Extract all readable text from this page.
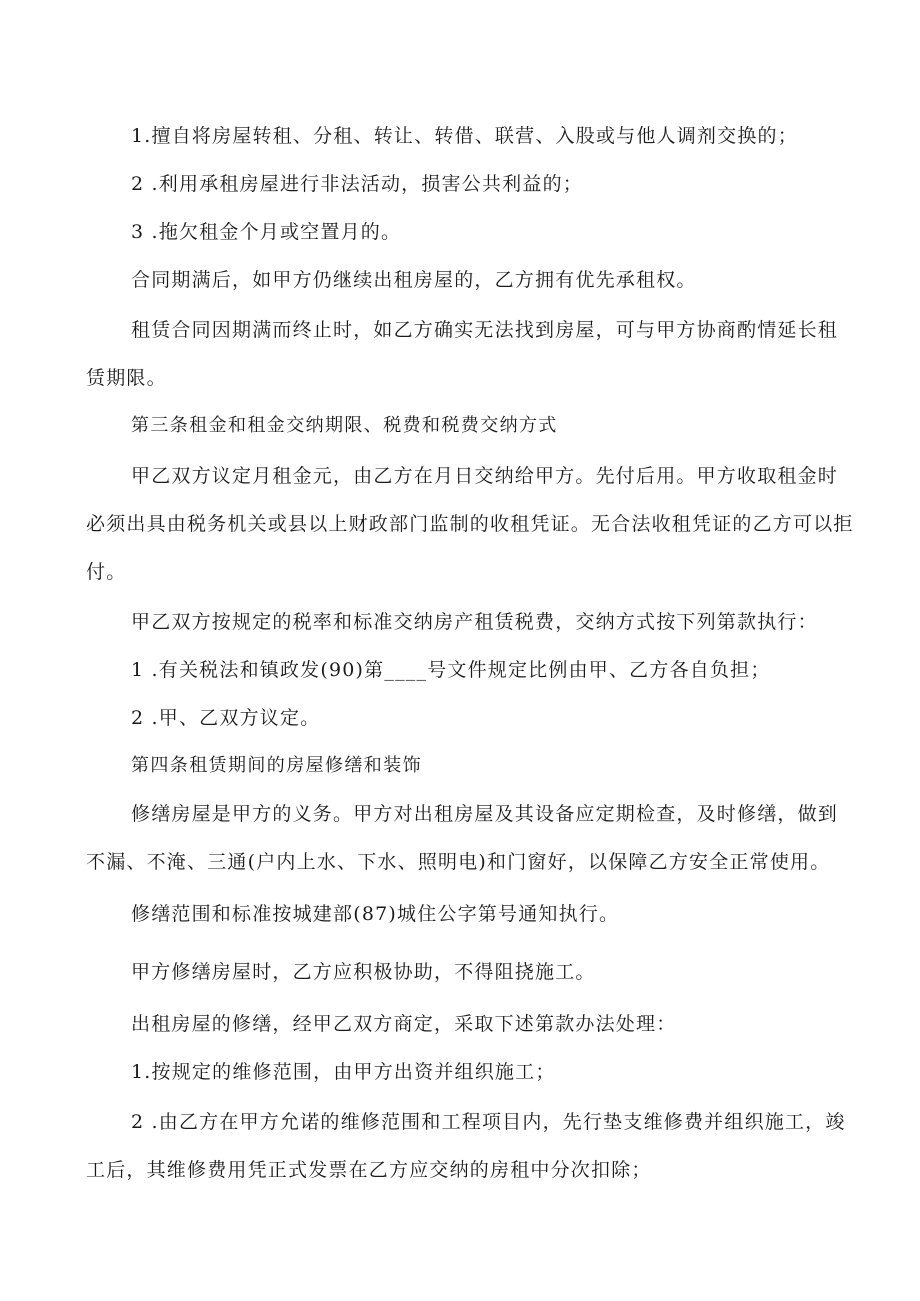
1.擅自将房屋转租、分租、转让、转借、联营、入股或与他人调剂交换的；
2 .利用承租房屋进行非法活动，损害公共利益的；
3 .拖欠租金个月或空置月的。
合同期满后，如甲方仍继续出租房屋的，乙方拥有优先承租权。
租赁合同因期满而终止时，如乙方确实无法找到房屋，可与甲方协商酌情延长租
赁期限。
第三条租金和租金交纳期限、税费和税费交纳方式
甲乙双方议定月租金元，由乙方在月日交纳给甲方。先付后用。甲方收取租金时
必须出具由税务机关或县以上财政部门监制的收租凭证。无合法收租凭证的乙方可以拒
付。
甲乙双方按规定的税率和标准交纳房产租赁税费，交纳方式按下列第款执行：
1 .有关税法和镇政发(90)第____号文件规定比例由甲、乙方各自负担；
2 .甲、乙双方议定。
第四条租赁期间的房屋修缮和装饰
修缮房屋是甲方的义务。甲方对出租房屋及其设备应定期检查，及时修缮，做到
不漏、不淹、三通(户内上水、下水、照明电)和门窗好，以保障乙方安全正常使用。
修缮范围和标准按城建部(87)城住公字第号通知执行。
甲方修缮房屋时，乙方应积极协助，不得阻挠施工。
出租房屋的修缮，经甲乙双方商定，采取下述第款办法处理：
1.按规定的维修范围，由甲方出资并组织施工；
2 .由乙方在甲方允诺的维修范围和工程项目内，先行垫支维修费并组织施工，竣
工后，其维修费用凭正式发票在乙方应交纳的房租中分次扣除；
